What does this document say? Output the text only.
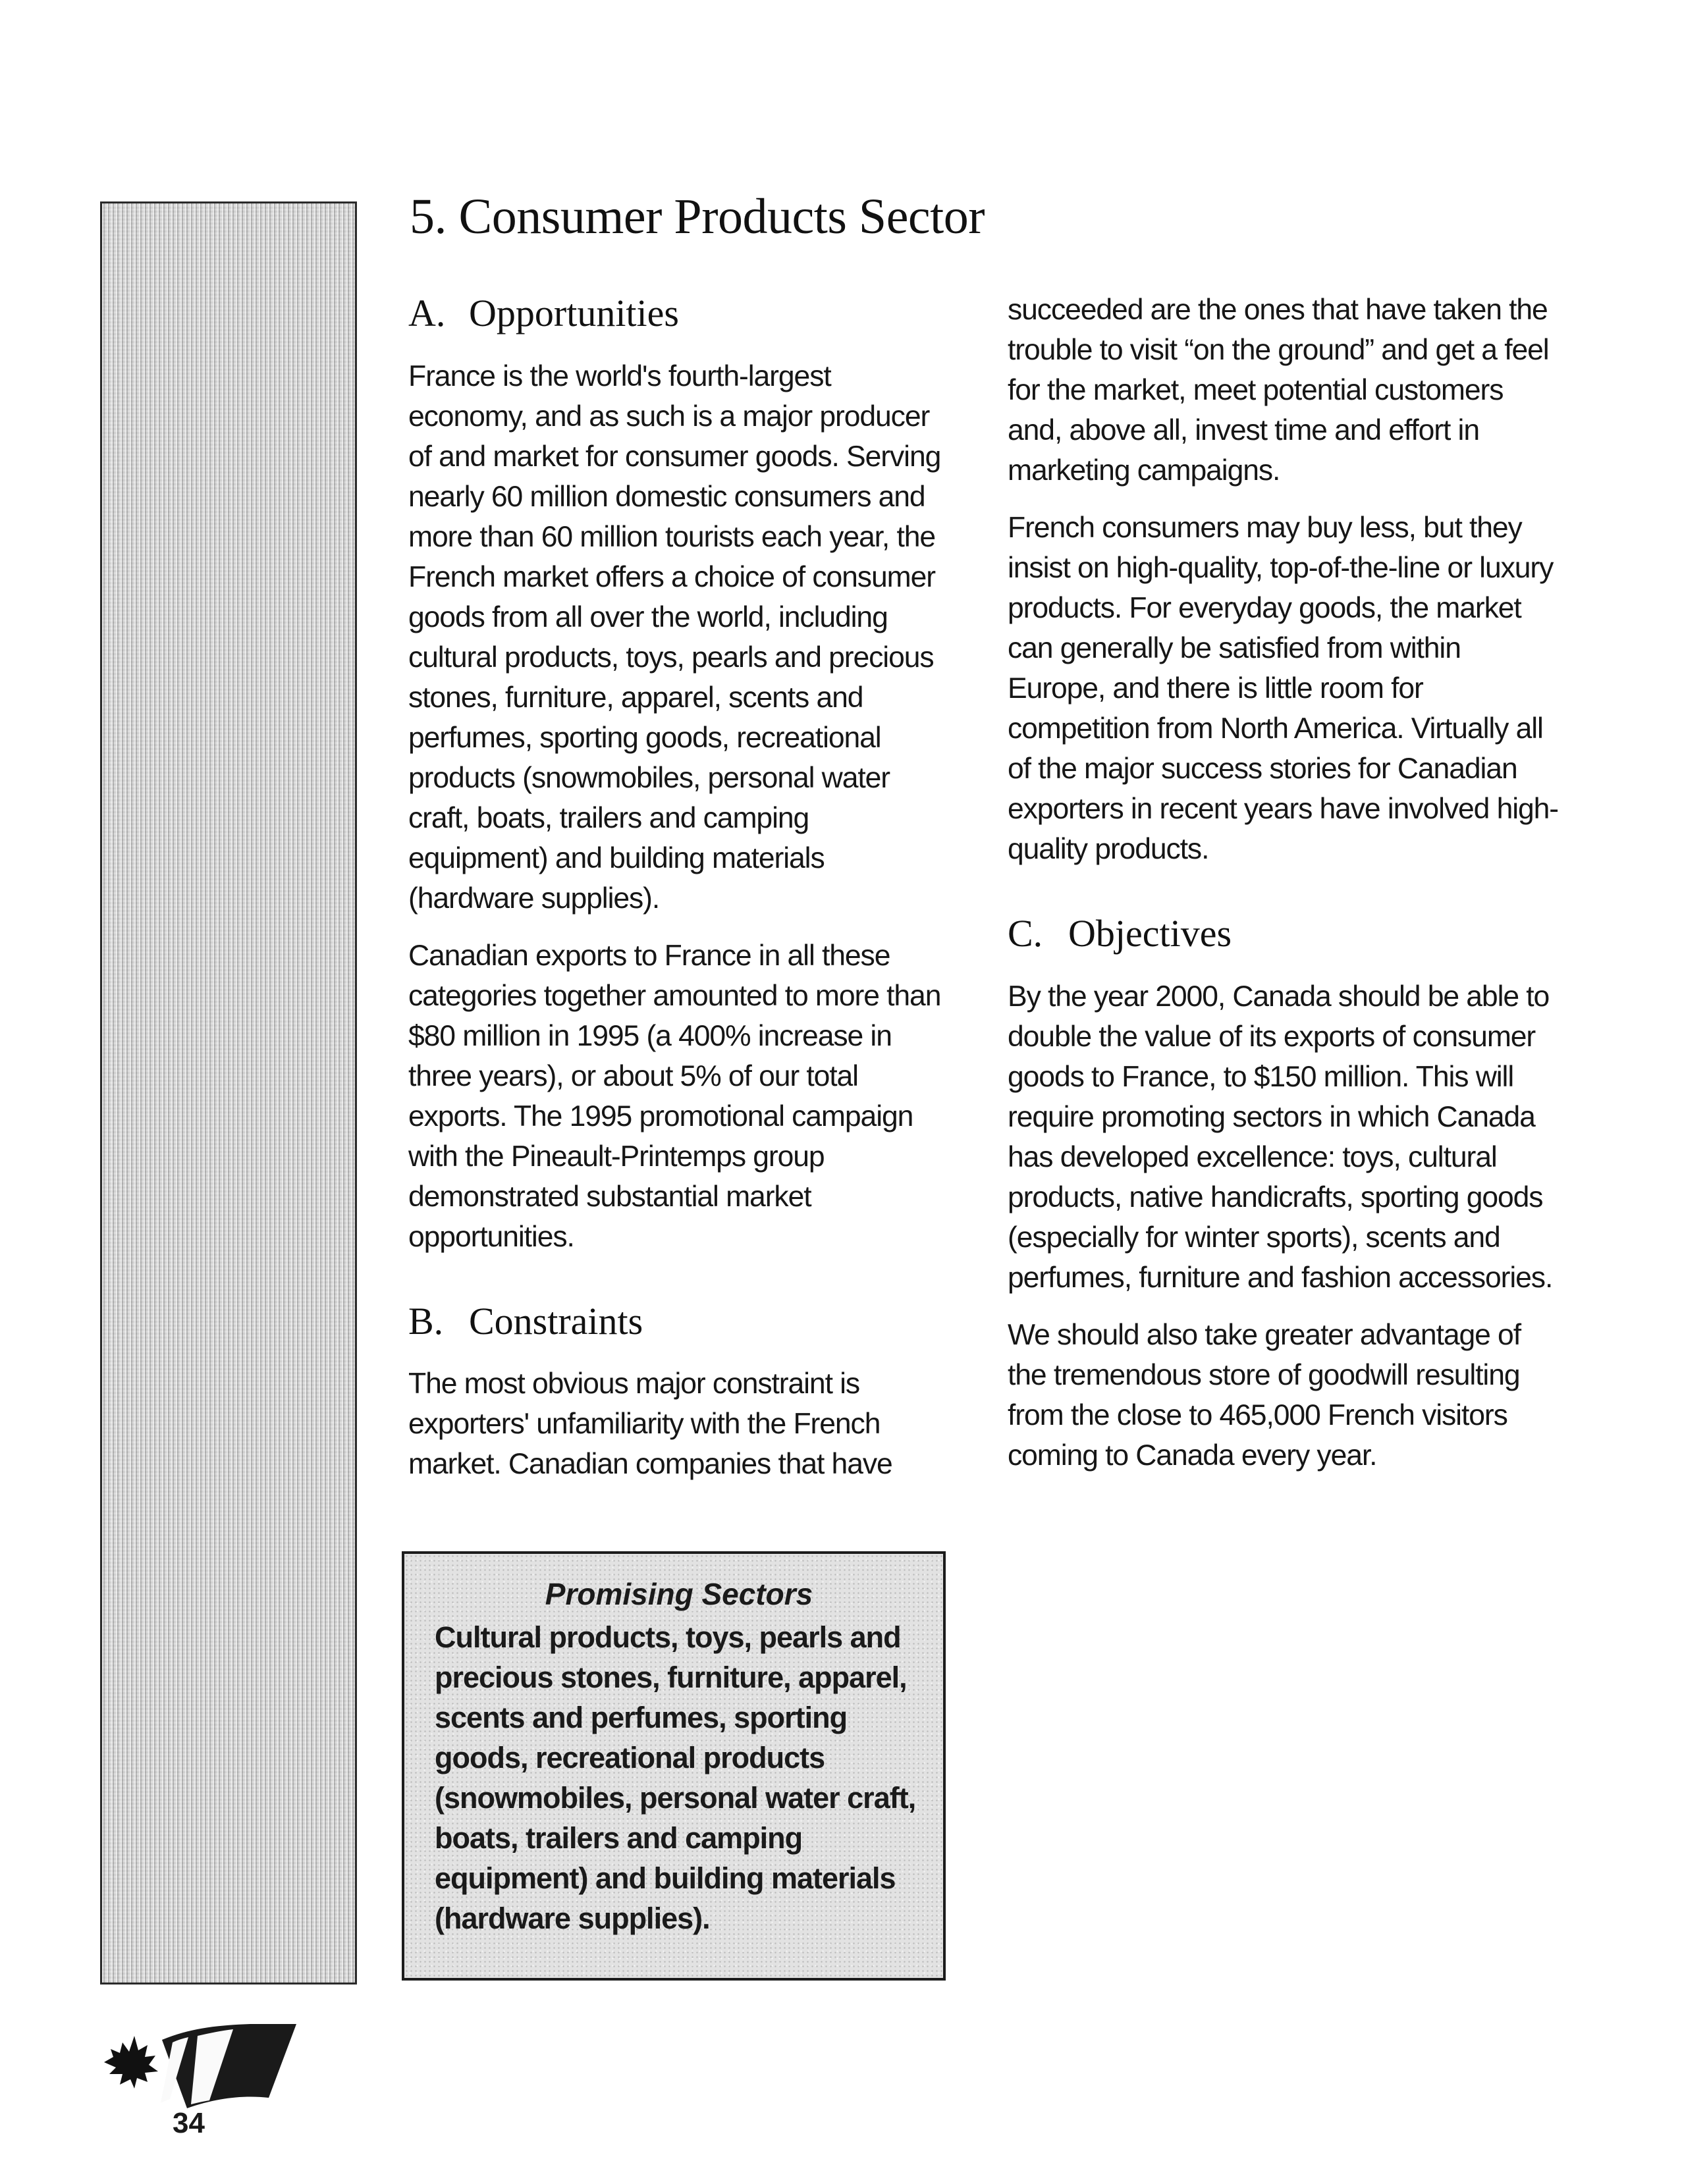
5. Consumer Products Sector
A. Opportunities

France is the world's fourth-largest economy, and as such is a major producer of and market for consumer goods. Serving nearly 60 million domestic consumers and more than 60 million tourists each year, the French market offers a choice of consumer goods from all over the world, including cultural products, toys, pearls and precious stones, furniture, apparel, scents and perfumes, sporting goods, recreational products (snowmobiles, personal water craft, boats, trailers and camping equipment) and building materials (hardware supplies).

Canadian exports to France in all these categories together amounted to more than $80 million in 1995 (a 400% increase in three years), or about 5% of our total exports. The 1995 promotional campaign with the Pineault-Printemps group demonstrated substantial market opportunities.

B. Constraints

The most obvious major constraint is exporters' unfamiliarity with the French market. Canadian companies that have

succeeded are the ones that have taken the trouble to visit “on the ground” and get a feel for the market, meet potential customers and, above all, invest time and effort in marketing campaigns.

French consumers may buy less, but they insist on high-quality, top-of-the-line or luxury products. For everyday goods, the market can generally be satisfied from within Europe, and there is little room for competition from North America. Virtually all of the major success stories for Canadian exporters in recent years have involved high-quality products.

C. Objectives

By the year 2000, Canada should be able to double the value of its exports of consumer goods to France, to $150 million. This will require promoting sectors in which Canada has developed excellence: toys, cultural products, native handicrafts, sporting goods (especially for winter sports), scents and perfumes, furniture and fashion accessories.

We should also take greater advantage of the tremendous store of goodwill resulting from the close to 465,000 French visitors coming to Canada every year.

Promising Sectors

Cultural products, toys, pearls and precious stones, furniture, apparel, scents and perfumes, sporting goods, recreational products (snowmobiles, personal water craft, boats, trailers and camping equipment) and building materials (hardware supplies).

34
